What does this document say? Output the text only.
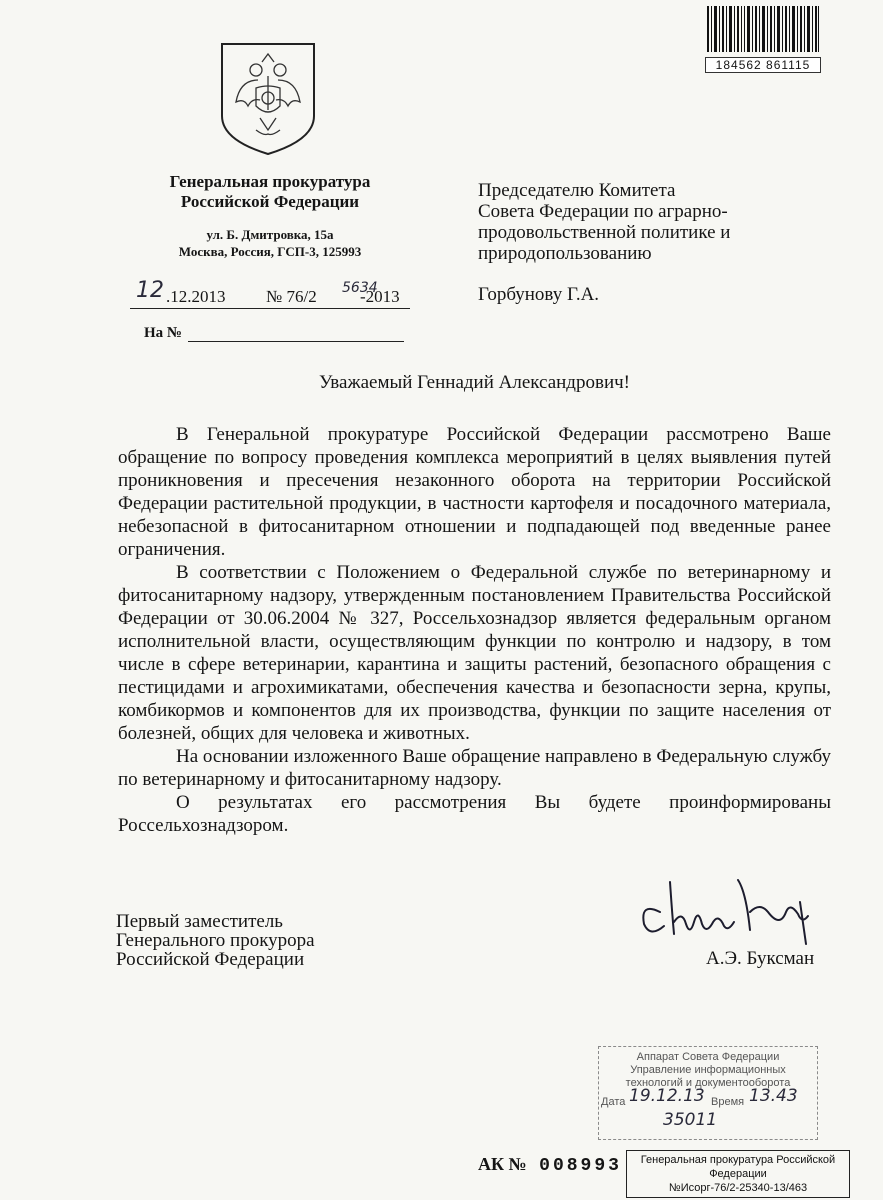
184562 861115
Генеральная прокуратура
Российской Федерации
ул. Б. Дмитровка, 15а
Москва, Россия, ГСП-3, 125993
12 .12.2013 № 76/2 5634
-2013
На №
Председателю Комитета
Совета Федерации по аграрно-
продовольственной политике и
природопользованию
Горбунову Г.А.
Уважаемый Геннадий Александрович!

В Генеральной прокуратуре Российской Федерации рассмотрено Ваше обращение по вопросу проведения комплекса мероприятий в целях выявления путей проникновения и пресечения незаконного оборота на территории Российской Федерации растительной продукции, в частности картофеля и посадочного материала, небезопасной в фитосанитарном отношении и подпадающей под введенные ранее ограничения.

В соответствии с Положением о Федеральной службе по ветеринарному и фитосанитарному надзору, утвержденным постановлением Правительства Российской Федерации от 30.06.2004 № 327, Россельхознадзор является федеральным органом исполнительной власти, осуществляющим функции по контролю и надзору, в том числе в сфере ветеринарии, карантина и защиты растений, безопасного обращения с пестицидами и агрохимикатами, обеспечения качества и безопасности зерна, крупы, комбикормов и компонентов для их производства, функции по защите населения от болезней, общих для человека и животных.

На основании изложенного Ваше обращение направлено в Федеральную службу по ветеринарному и фитосанитарному надзору.

О результатах его рассмотрения Вы будете проинформированы Россельхознадзором.

Первый заместитель
Генерального прокурора
Российской Федерации	А.Э. Буксман
Аппарат Совета Федерации
Управление информационных
технологий и документооборота
Дата 19.12.13 Время 13.43
35011
АК № 008993	Генеральная прокуратура Российской
Федерации
№Исорг-76/2-25340-13/463
